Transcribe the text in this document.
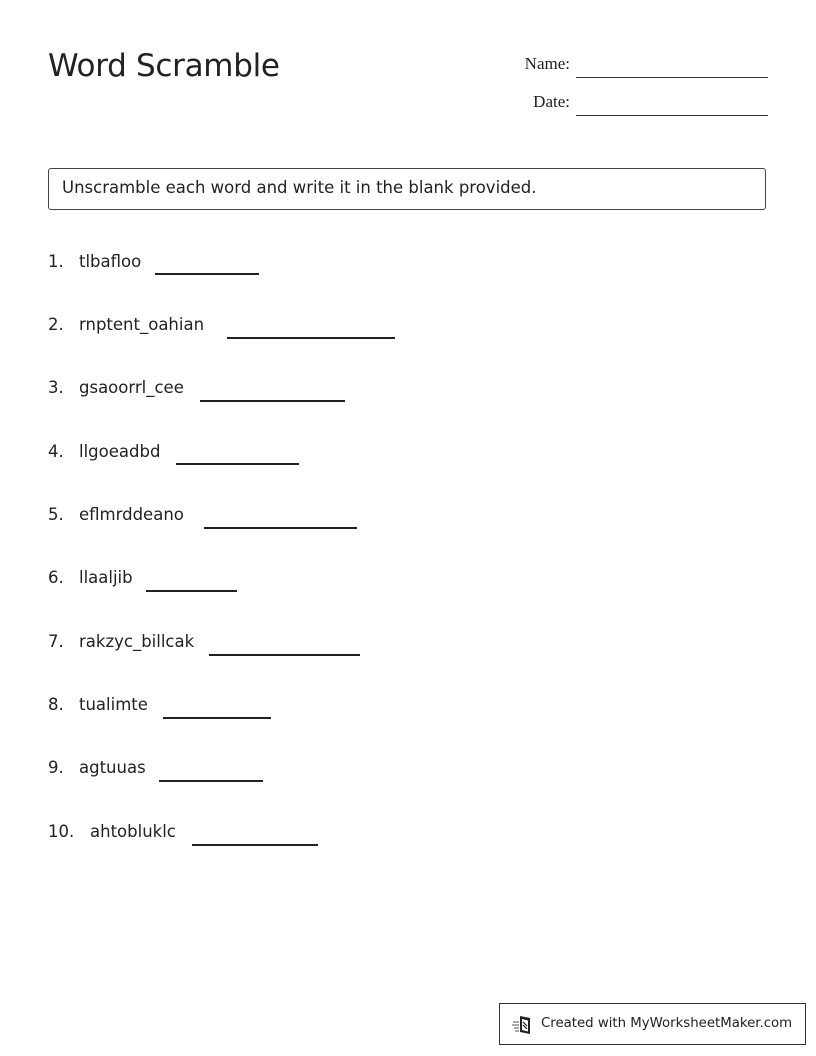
Word Scramble	Name:
Date:
Unscramble each word and write it in the blank provided.
1. tlbafloo
2. rnptent_oahian
3. gsaoorrl_cee
4. llgoeadbd
5. eflmrddeano
6. llaaljib
7. rakzyc_billcak
8. tualimte
9. agtuuas
10. ahtobluklc
Created with MyWorksheetMaker.com
